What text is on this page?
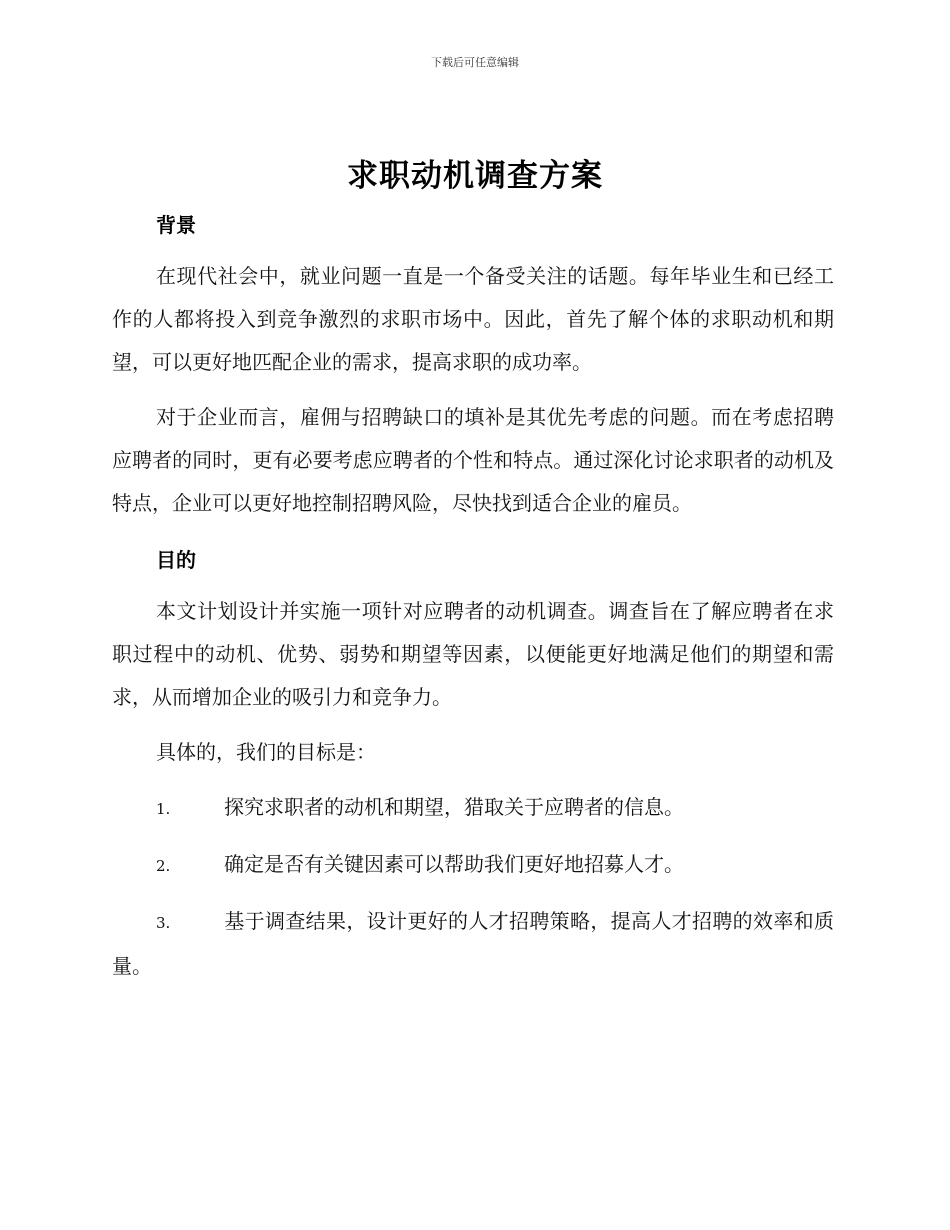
下载后可任意编辑
求职动机调查方案
背景
在现代社会中，就业问题一直是一个备受关注的话题。每年毕业生和已经工作的人都将投入到竞争激烈的求职市场中。因此，首先了解个体的求职动机和期望，可以更好地匹配企业的需求，提高求职的成功率。
对于企业而言，雇佣与招聘缺口的填补是其优先考虑的问题。而在考虑招聘应聘者的同时，更有必要考虑应聘者的个性和特点。通过深化讨论求职者的动机及特点，企业可以更好地控制招聘风险，尽快找到适合企业的雇员。
目的
本文计划设计并实施一项针对应聘者的动机调查。调查旨在了解应聘者在求职过程中的动机、优势、弱势和期望等因素，以便能更好地满足他们的期望和需求，从而增加企业的吸引力和竞争力。
具体的，我们的目标是：
1.	探究求职者的动机和期望，猎取关于应聘者的信息。
2.	确定是否有关键因素可以帮助我们更好地招募人才。
3.	基于调查结果，设计更好的人才招聘策略，提高人才招聘的效率和质量。
